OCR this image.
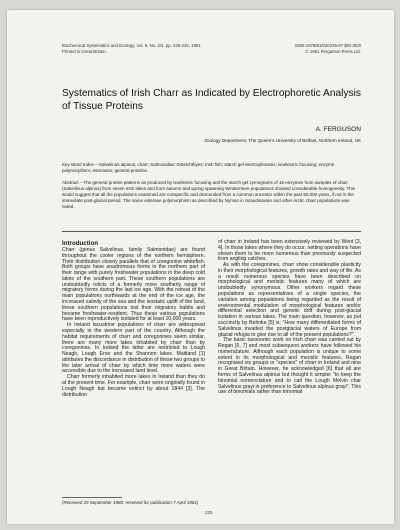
Biochemical Systematics and Ecology, Vol. 9, No. 2/3, pp. 225-232, 1981.
Printed in Great Britain.
0305-1978/81/020225-07 $02.00/0
© 1981 Pergamon Press Ltd.
Systematics of Irish Charr as Indicated by Electrophoretic Analysis of Tissue Proteins
A. FERGUSON
Zoology Department, The Queen's University of Belfast, Northern Ireland, UK
Key Word Index – Salvelinus alpinus; charr; Salmonidae; Osteichthyes; Irish fish; starch gel electrophoresis; isoelectric focusing; enzyme polymorphism; esterases; general proteins.
Abstract – The general protein patterns as produced by isoelectric focusing and the starch gel zymograms of 15 enzymes from samples of charr (Salvelinus alpinus) from seven Irish lakes and from autumn and spring spawning Windermere populations showed considerable homogeneity. This would suggest that all the populations examined are conspecific and descended from a common ancestor within the past 50,000 years, if not in the immediate post-glacial period. The same esterase polymorphism as described by Nyman in Scandinavian and other Arctic charr populations was noted.
Introduction

Charr (genus Salvelinus, family Salmonidae) are found throughout the cooler regions of the northern hemisphere. Their distribution closely parallels that of coregonine whitefish. Both groups have anadromous forms in the northern part of their range with purely freshwater populations in the deep cold lakes of the southern part. These southern populations are undoubtedly relicts of a formerly more southerly range of migratory forms during the last ice age. With the retreat of the main populations northwards at the end of the ice age, the increased salinity of the sea and the isostatic uplift of the land, these southern populations lost their migratory habits and became freshwater-resident. Thus these various populations have been reproductively isolated for at least 10,000 years.

In Ireland lacustrine populations of charr are widespread especially in the western part of the country. Although the habitat requirements of charr and coregonines seem similar, there are many more lakes inhabited by charr than by coregonines. In Ireland the latter are restricted to Lough Neagh, Lough Erne and the Shannon lakes. Maitland [1] attributes the discordance in distribution of these two groups to the later arrival of charr by which time more waters were accessible due to the increased land level.

Charr formerly inhabited more lakes in Ireland than they do at the present time. For example, charr were originally found in Lough Neagh but became extinct by about 1844 [2]. The distribution

of charr in Ireland has been extensively reviewed by Went [3, 4]. In those lakes where they do occur, netting operations have shown them to be more numerous than previously suspected from angling catches.

As with the coregonines, charr show considerable plasticity in their morphological features, growth rates and way of life. As a result numerous species have been described on morphological and meristic features many of which are undoubtedly synonymous. Other workers regard these populations as representatives of a single species, the variation among populations being regarded as the result of environmental modulation of morphological features and/or differential selection and genetic drift during post-glacial isolation in various lakes. The main question, however, as put succinctly by Behnke [5] is: "How many differentiated forms of Salvelinus invaded the postglacial waters of Europe from glacial refugia to give rise to all of the present populations?".

The basic taxonomic work on Irish charr was carried out by Regan [6, 7] and most subsequent workers have followed his nomenclature. Although each population is unique to some extent in its morphological and meristic features, Regan recognised six groups or "species" of charr in Ireland and nine in Great Britain. However, he acknowledged [6] that all are forms of Salvelinus alpinus but thought it simpler "to keep the binomial nomenclature and to call the Lough Melvin char Salvelinus grayi in preference to Salvelinus alpinus grayi". This use of binomials rather than trinomial

(Received 29 September 1980; received for publication 7 April 1981)
225
